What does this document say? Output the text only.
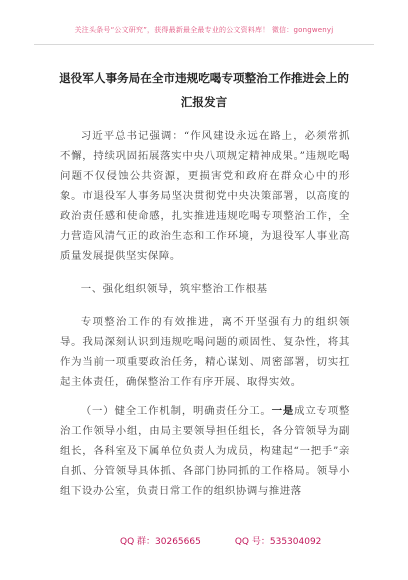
关注头条号“公文研究”，获得最新最全最专业的公文资料库！ 微信：gongwenyj
退役军人事务局在全市违规吃喝专项整治工作推进会上的
汇报发言

习近平总书记强调：“作风建设永远在路上，必须常抓不懈，持续巩固拓展落实中央八项规定精神成果。”违规吃喝问题不仅侵蚀公共资源，更损害党和政府在群众心中的形象。市退役军人事务局坚决贯彻党中央决策部署，以高度的政治责任感和使命感，扎实推进违规吃喝专项整治工作，全力营造风清气正的政治生态和工作环境，为退役军人事业高质量发展提供坚实保障。

一、强化组织领导，筑牢整治工作根基

专项整治工作的有效推进，离不开坚强有力的组织领导。我局深刻认识到违规吃喝问题的顽固性、复杂性，将其作为当前一项重要政治任务，精心谋划、周密部署，切实扛起主体责任，确保整治工作有序开展、取得实效。

（一）健全工作机制，明确责任分工。一是成立专项整治工作领导小组，由局主要领导担任组长，各分管领导为副组长，各科室及下属单位负责人为成员，构建起“一把手”亲自抓、分管领导具体抓、各部门协同抓的工作格局。领导小组下设办公室，负责日常工作的组织协调与推进落

QQ 群：30265665	QQ 号：535304092
